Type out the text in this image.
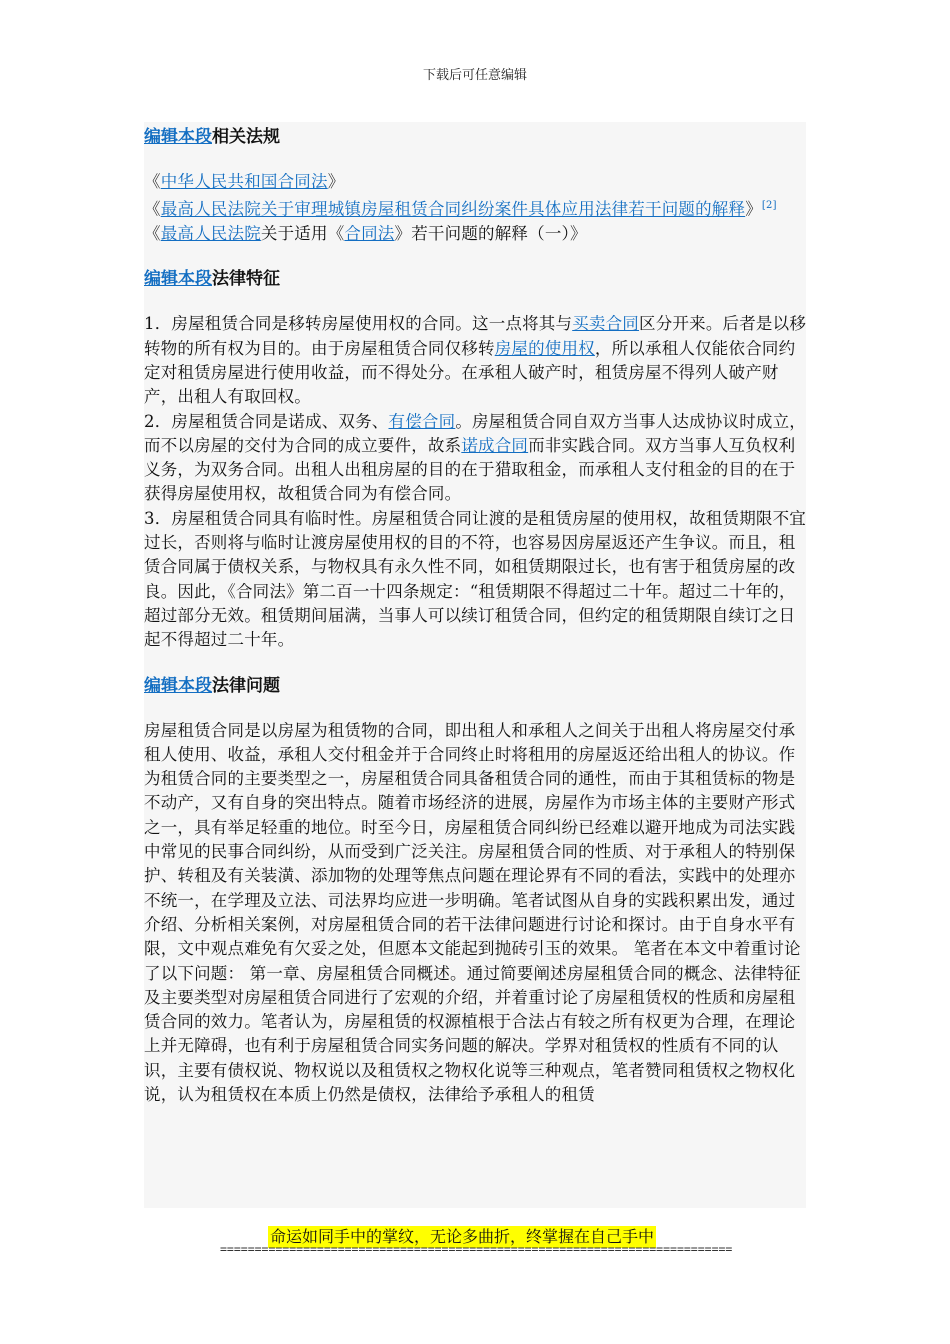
下载后可任意编辑
编辑本段相关法规

《中华人民共和国合同法》

《最高人民法院关于审理城镇房屋租赁合同纠纷案件具体应用法律若干问题的解释》[2]

《最高人民法院关于适用《合同法》若干问题的解释（一）》

编辑本段法律特征

1．房屋租赁合同是移转房屋使用权的合同。这一点将其与买卖合同区分开来。后者是以移转物的所有权为目的。由于房屋租赁合同仅移转房屋的使用权，所以承租人仅能依合同约定对租赁房屋进行使用收益，而不得处分。在承租人破产时，租赁房屋不得列人破产财产，出租人有取回权。

2．房屋租赁合同是诺成、双务、有偿合同。房屋租赁合同自双方当事人达成协议时成立，而不以房屋的交付为合同的成立要件，故系诺成合同而非实践合同。双方当事人互负权利义务，为双务合同。出租人出租房屋的目的在于猎取租金，而承租人支付租金的目的在于获得房屋使用权，故租赁合同为有偿合同。

3．房屋租赁合同具有临时性。房屋租赁合同让渡的是租赁房屋的使用权，故租赁期限不宜过长，否则将与临时让渡房屋使用权的目的不符，也容易因房屋返还产生争议。而且，租赁合同属于债权关系，与物权具有永久性不同，如租赁期限过长，也有害于租赁房屋的改良。因此，《合同法》第二百一十四条规定：“租赁期限不得超过二十年。超过二十年的，超过部分无效。租赁期间届满，当事人可以续订租赁合同，但约定的租赁期限自续订之日起不得超过二十年。

编辑本段法律问题

房屋租赁合同是以房屋为租赁物的合同，即出租人和承租人之间关于出租人将房屋交付承租人使用、收益，承租人交付租金并于合同终止时将租用的房屋返还给出租人的协议。作为租赁合同的主要类型之一，房屋租赁合同具备租赁合同的通性，而由于其租赁标的物是不动产，又有自身的突出特点。随着市场经济的进展，房屋作为市场主体的主要财产形式之一，具有举足轻重的地位。时至今日，房屋租赁合同纠纷已经难以避开地成为司法实践中常见的民事合同纠纷，从而受到广泛关注。房屋租赁合同的性质、对于承租人的特别保护、转租及有关装潢、添加物的处理等焦点问题在理论界有不同的看法，实践中的处理亦不统一，在学理及立法、司法界均应进一步明确。笔者试图从自身的实践积累出发，通过介绍、分析相关案例，对房屋租赁合同的若干法律问题进行讨论和探讨。由于自身水平有限，文中观点难免有欠妥之处，但愿本文能起到抛砖引玉的效果。 笔者在本文中着重讨论了以下问题： 第一章、房屋租赁合同概述。通过简要阐述房屋租赁合同的概念、法律特征及主要类型对房屋租赁合同进行了宏观的介绍，并着重讨论了房屋租赁权的性质和房屋租赁合同的效力。笔者认为，房屋租赁的权源植根于合法占有较之所有权更为合理，在理论上并无障碍，也有利于房屋租赁合同实务问题的解决。学界对租赁权的性质有不同的认识，主要有债权说、物权说以及租赁权之物权化说等三种观点，笔者赞同租赁权之物权化说，认为租赁权在本质上仍然是债权，法律给予承租人的租赁

命运如同手中的掌纹，无论多曲折，终掌握在自己手中
==========================================================================
